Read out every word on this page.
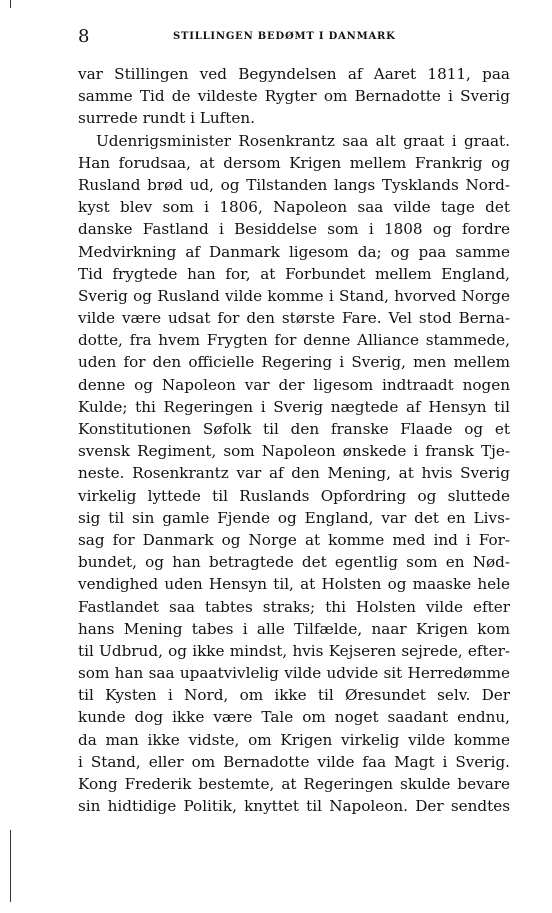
8	STILLINGEN BEDØMT I DANMARK
var Stillingen ved Begyndelsen af Aaret 1811, paa
samme Tid de vildeste Rygter om Bernadotte i Sverig
surrede rundt i Luften.
Udenrigsminister Rosenkrantz saa alt graat i graat.
Han forudsaa, at dersom Krigen mellem Frankrig og
Rusland brød ud, og Tilstanden langs Tysklands Nord-
kyst blev som i 1806, Napoleon saa vilde tage det
danske Fastland i Besiddelse som i 1808 og fordre
Medvirkning af Danmark ligesom da; og paa samme
Tid frygtede han for, at Forbundet mellem England,
Sverig og Rusland vilde komme i Stand, hvorved Norge
vilde være udsat for den største Fare. Vel stod Berna-
dotte, fra hvem Frygten for denne Alliance stammede,
uden for den officielle Regering i Sverig, men mellem
denne og Napoleon var der ligesom indtraadt nogen
Kulde; thi Regeringen i Sverig nægtede af Hensyn til
Konstitutionen Søfolk til den franske Flaade og et
svensk Regiment, som Napoleon ønskede i fransk Tje-
neste. Rosenkrantz var af den Mening, at hvis Sverig
virkelig lyttede til Ruslands Opfordring og sluttede
sig til sin gamle Fjende og England, var det en Livs-
sag for Danmark og Norge at komme med ind i For-
bundet, og han betragtede det egentlig som en Nød-
vendighed uden Hensyn til, at Holsten og maaske hele
Fastlandet saa tabtes straks; thi Holsten vilde efter
hans Mening tabes i alle Tilfælde, naar Krigen kom
til Udbrud, og ikke mindst, hvis Kejseren sejrede, efter-
som han saa upaatvivlelig vilde udvide sit Herredømme
til Kysten i Nord, om ikke til Øresundet selv. Der
kunde dog ikke være Tale om noget saadant endnu,
da man ikke vidste, om Krigen virkelig vilde komme
i Stand, eller om Bernadotte vilde faa Magt i Sverig.
Kong Frederik bestemte, at Regeringen skulde bevare
sin hidtidige Politik, knyttet til Napoleon. Der sendtes
